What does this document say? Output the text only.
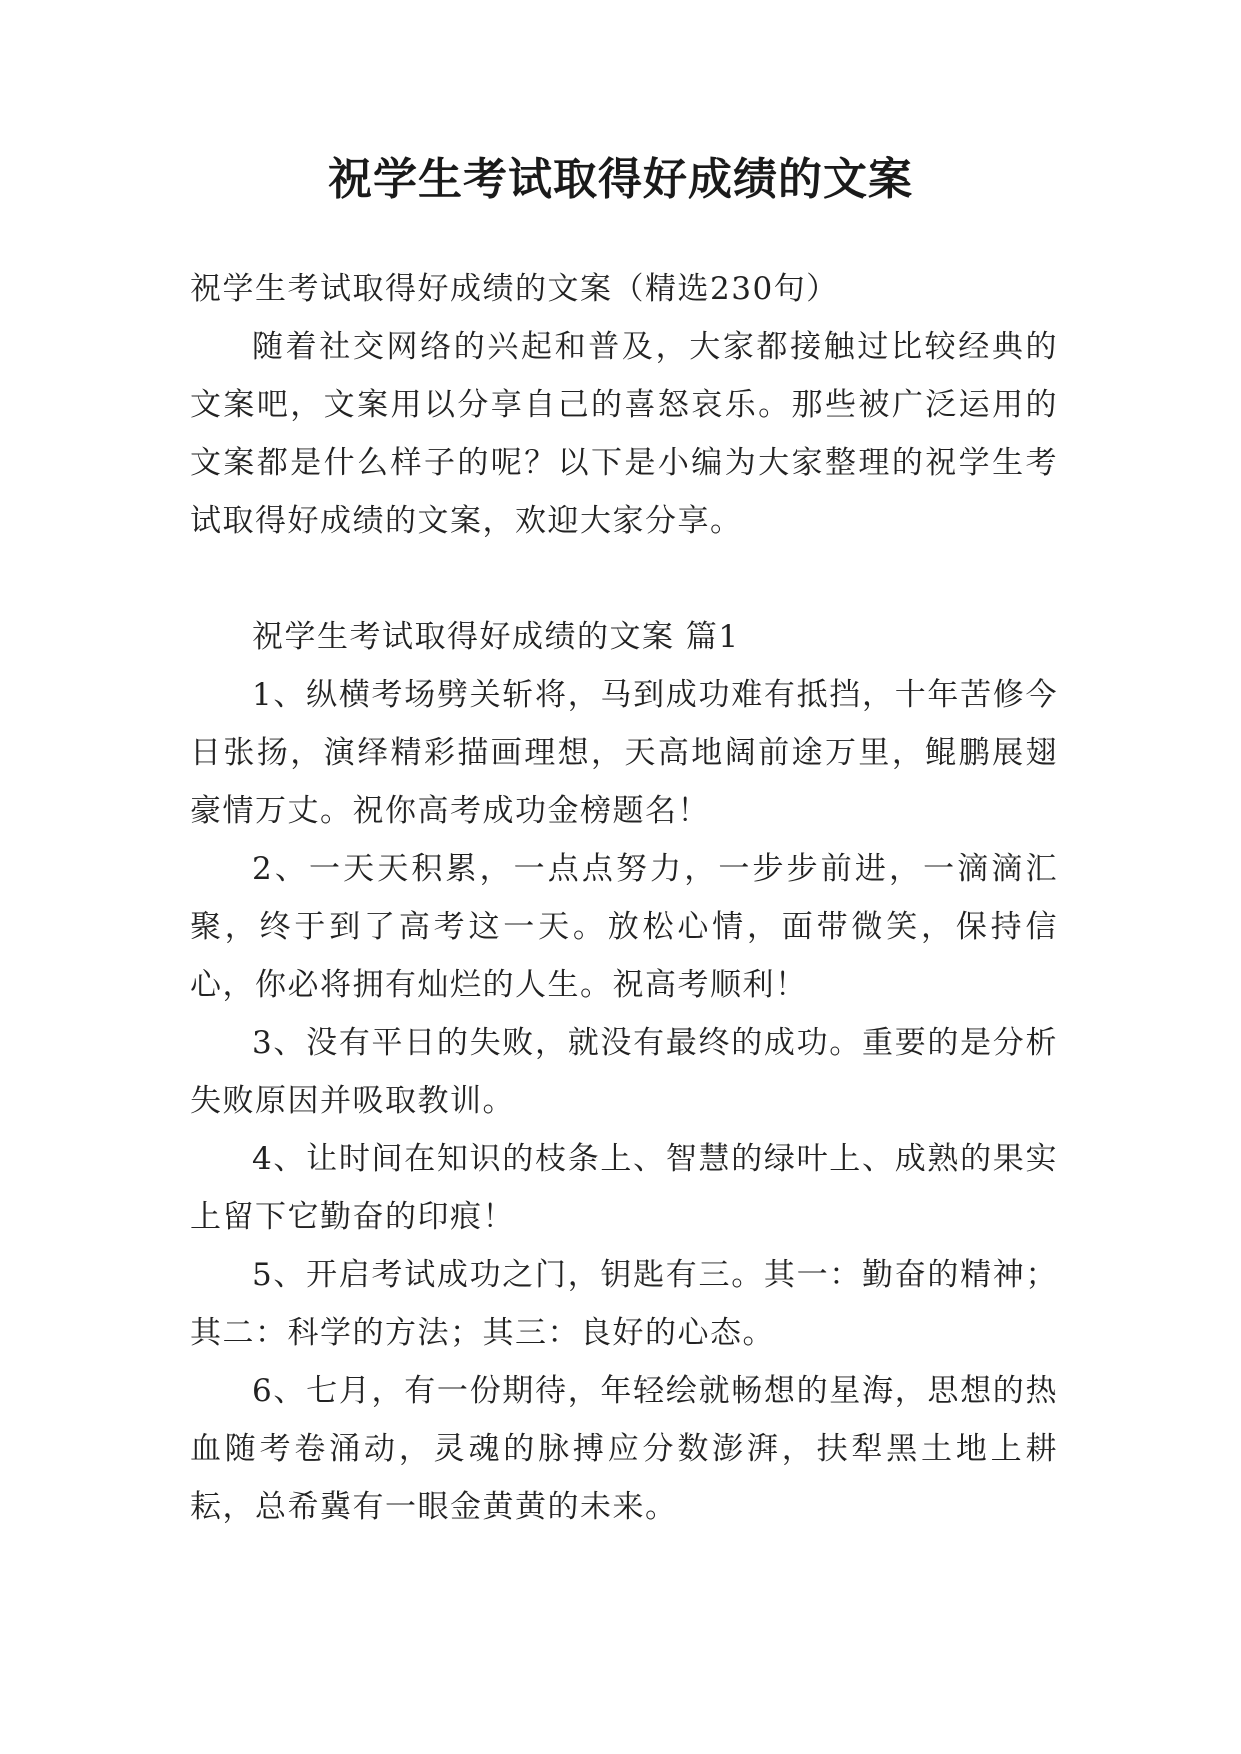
祝学生考试取得好成绩的文案

祝学生考试取得好成绩的文案（精选230句）

随着社交网络的兴起和普及，大家都接触过比较经典的文案吧，文案用以分享自己的喜怒哀乐。那些被广泛运用的文案都是什么样子的呢？以下是小编为大家整理的祝学生考试取得好成绩的文案，欢迎大家分享。

祝学生考试取得好成绩的文案 篇1

1、纵横考场劈关斩将，马到成功难有抵挡，十年苦修今日张扬，演绎精彩描画理想，天高地阔前途万里，鲲鹏展翅豪情万丈。祝你高考成功金榜题名！

2、一天天积累，一点点努力，一步步前进，一滴滴汇聚，终于到了高考这一天。放松心情，面带微笑，保持信心，你必将拥有灿烂的人生。祝高考顺利！

3、没有平日的失败，就没有最终的成功。重要的是分析失败原因并吸取教训。

4、让时间在知识的枝条上、智慧的绿叶上、成熟的果实上留下它勤奋的印痕！

5、开启考试成功之门，钥匙有三。其一：勤奋的精神；其二：科学的方法；其三：良好的心态。

6、七月，有一份期待，年轻绘就畅想的星海，思想的热血随考卷涌动，灵魂的脉搏应分数澎湃，扶犁黑土地上耕耘，总希冀有一眼金黄黄的未来。
